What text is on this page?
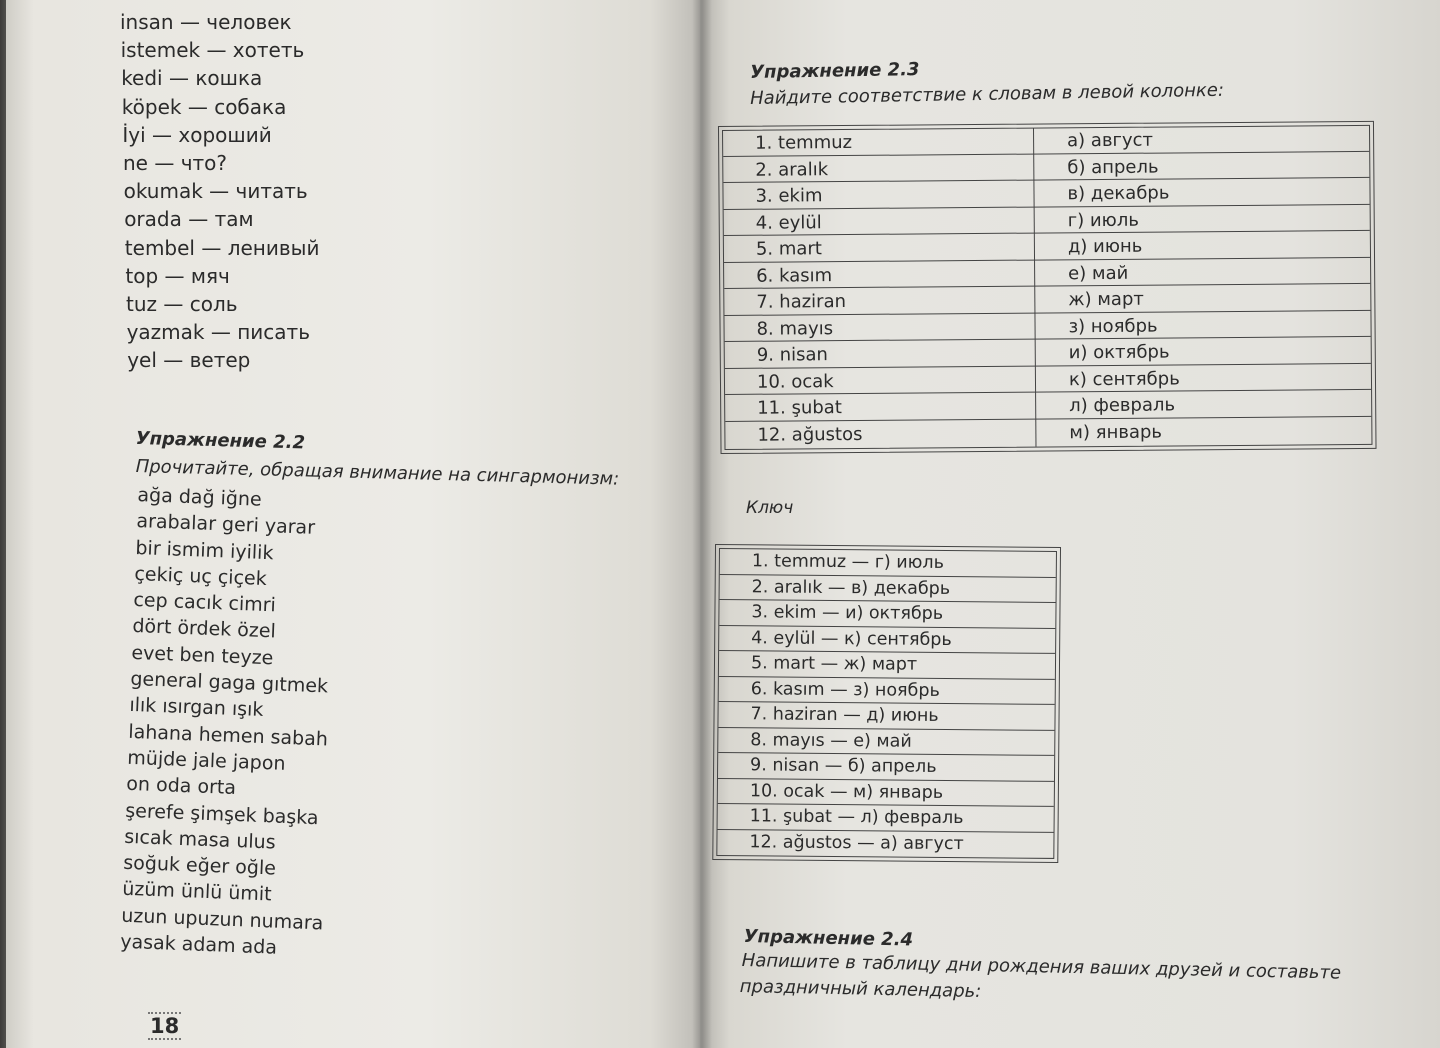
insan — человек
istemek — хотеть
kedi — кошка
köpek — собака
İyi — хороший
ne — что?
okumak — читать
orada — там
tembel — ленивый
top — мяч
tuz — соль
yazmak — писать
yel — ветер
Упражнение 2.2
Прочитайте, обращая внимание на сингармонизм:
ağa dağ iğne
arabalar geri yarar
bir ismim iyilik
çekiç uç çiçek
cep cacık cimri
dört ördek özel
evet ben teyze
general gaga gıtmek
ılık ısırgan ışık
lahana hemen sabah
müjde jale japon
on oda orta
şerefe şimşek başka
sıcak masa ulus
soğuk eğer oğle
üzüm ünlü ümit
uzun upuzun numara
yasak adam ada
18
Упражнение 2.3
Найдите соответствие к словам в левой колонке:
1. temmuz	а) август
2. aralık	б) апрель
3. ekim	в) декабрь
4. eylül	г) июль
5. mart	д) июнь
6. kasım	е) май
7. haziran	ж) март
8. mayıs	з) ноябрь
9. nisan	и) октябрь
10. ocak	к) сентябрь
11. şubat	л) февраль
12. ağustos	м) январь
Ключ
1. temmuz — г) июль
2. aralık — в) декабрь
3. ekim — и) октябрь
4. eylül — к) сентябрь
5. mart — ж) март
6. kasım — з) ноябрь
7. haziran — д) июнь
8. mayıs — е) май
9. nisan — б) апрель
10. ocak — м) январь
11. şubat — л) февраль
12. ağustos — а) август
Упражнение 2.4
Напишите в таблицу дни рождения ваших друзей и составьте
праздничный календарь:
